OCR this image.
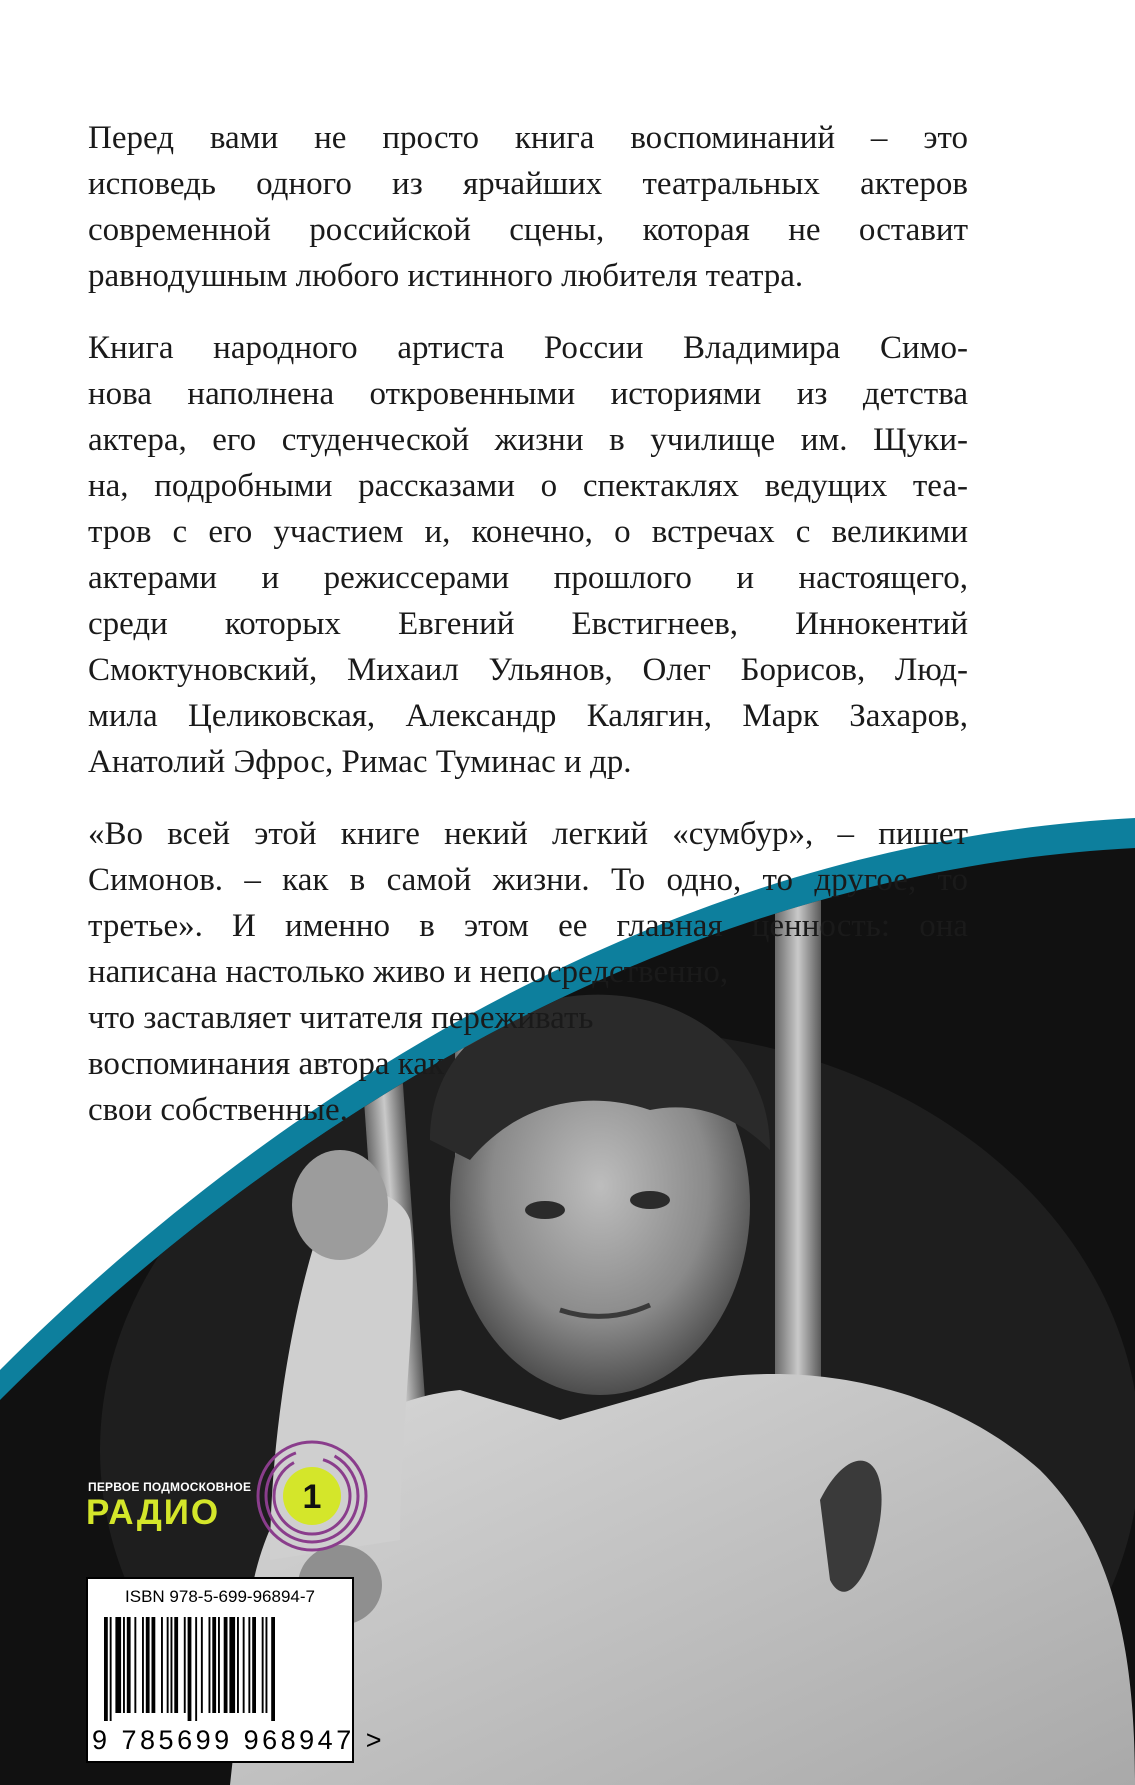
Перед вами не просто книга воспоминаний – это
исповедь одного из ярчайших театральных актеров
современной российской сцены, которая не оставит
равнодушным любого истинного любителя театра.
Книга народного артиста России Владимира Симо-
нова наполнена откровенными историями из детства
актера, его студенческой жизни в училище им. Щуки-
на, подробными рассказами о спектаклях ведущих теа-
тров с его участием и, конечно, о встречах с великими
актерами и режиссерами прошлого и настоящего,
среди которых Евгений Евстигнеев, Иннокентий
Смоктуновский, Михаил Ульянов, Олег Борисов, Люд-
мила Целиковская, Александр Калягин, Марк Захаров,
Анатолий Эфрос, Римас Туминас и др.
«Во всей этой книге некий легкий «сумбур», – пишет
Симонов. – как в самой жизни. То одно, то другое, то
третье». И именно в этом ее главная ценность: она
написана настолько живо и непосредственно,
что заставляет читателя переживать
воспоминания автора как
свои собственные.
ПЕРВОЕ ПОДМОСКОВНОЕ
РАДИО 1
ISBN 978-5-699-96894-7
9 785699 968947 >
